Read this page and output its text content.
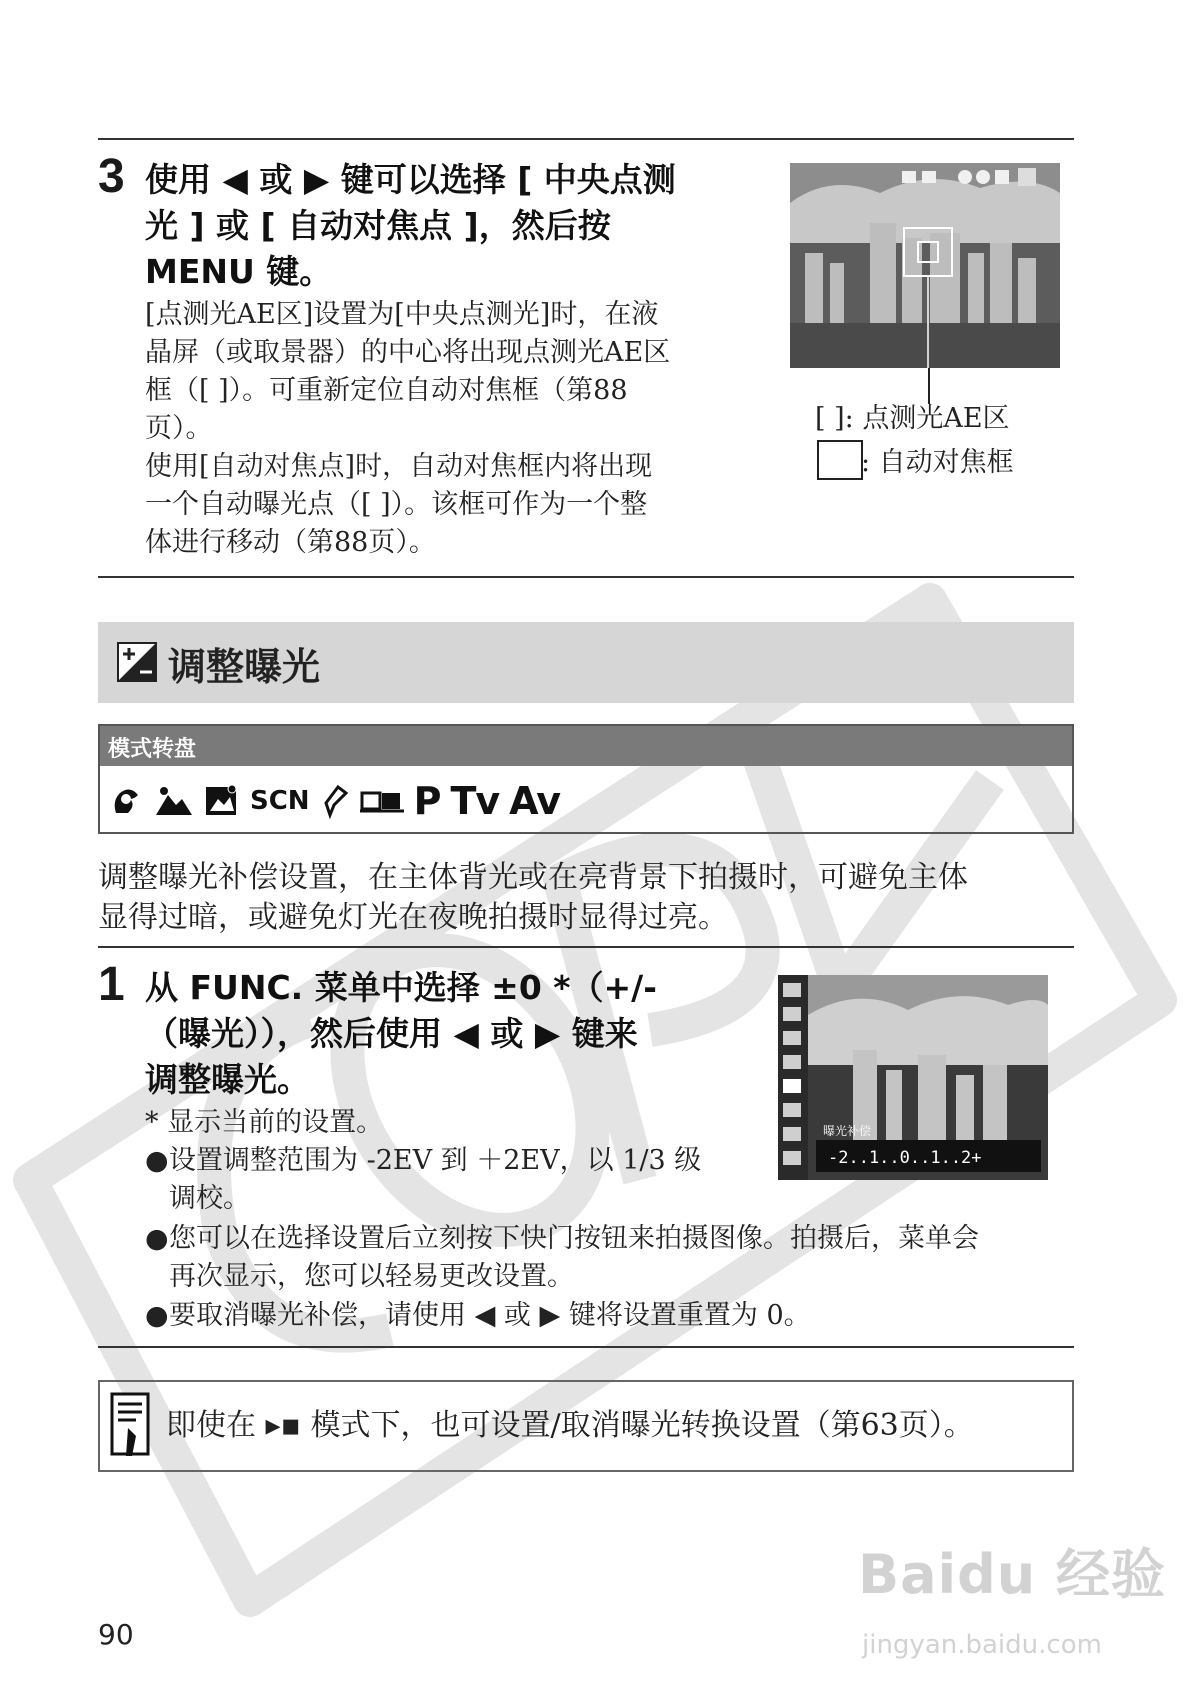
3 使用 ◀ 或 ▶ 键可以选择 [ 中央点测
光 ] 或 [ 自动对焦点 ]，然后按
MENU 键。
[点测光AE区]设置为[中央点测光]时，在液
晶屏（或取景器）的中心将出现点测光AE区
框（[ ]）。可重新定位自动对焦框（第88
页）。
使用[自动对焦点]时，自动对焦框内将出现
一个自动曝光点（[ ]）。该框可作为一个整
体进行移动（第88页）。
[ ]: 点测光AE区
: 自动对焦框
调整曝光
模式转盘
SCN	P Tv Av
调整曝光补偿设置，在主体背光或在亮背景下拍摄时，可避免主体
显得过暗，或避免灯光在夜晚拍摄时显得过亮。
1 从 FUNC. 菜单中选择 ±0 *（+/-
（曝光）），然后使用 ◀ 或 ▶ 键来
调整曝光。
* 显示当前的设置。	曝光补偿
-2..1..0..1..2+
●设置调整范围为 -2EV 到 ＋2EV，以 1/3 级
调校。
●您可以在选择设置后立刻按下快门按钮来拍摄图像。拍摄后，菜单会
再次显示，您可以轻易更改设置。
●要取消曝光补偿，请使用 ◀ 或 ▶ 键将设置重置为 0。
即使在 ▸▪ 模式下，也可设置/取消曝光转换设置（第63页）。
90
Baidu 经验
jingyan.baidu.com
